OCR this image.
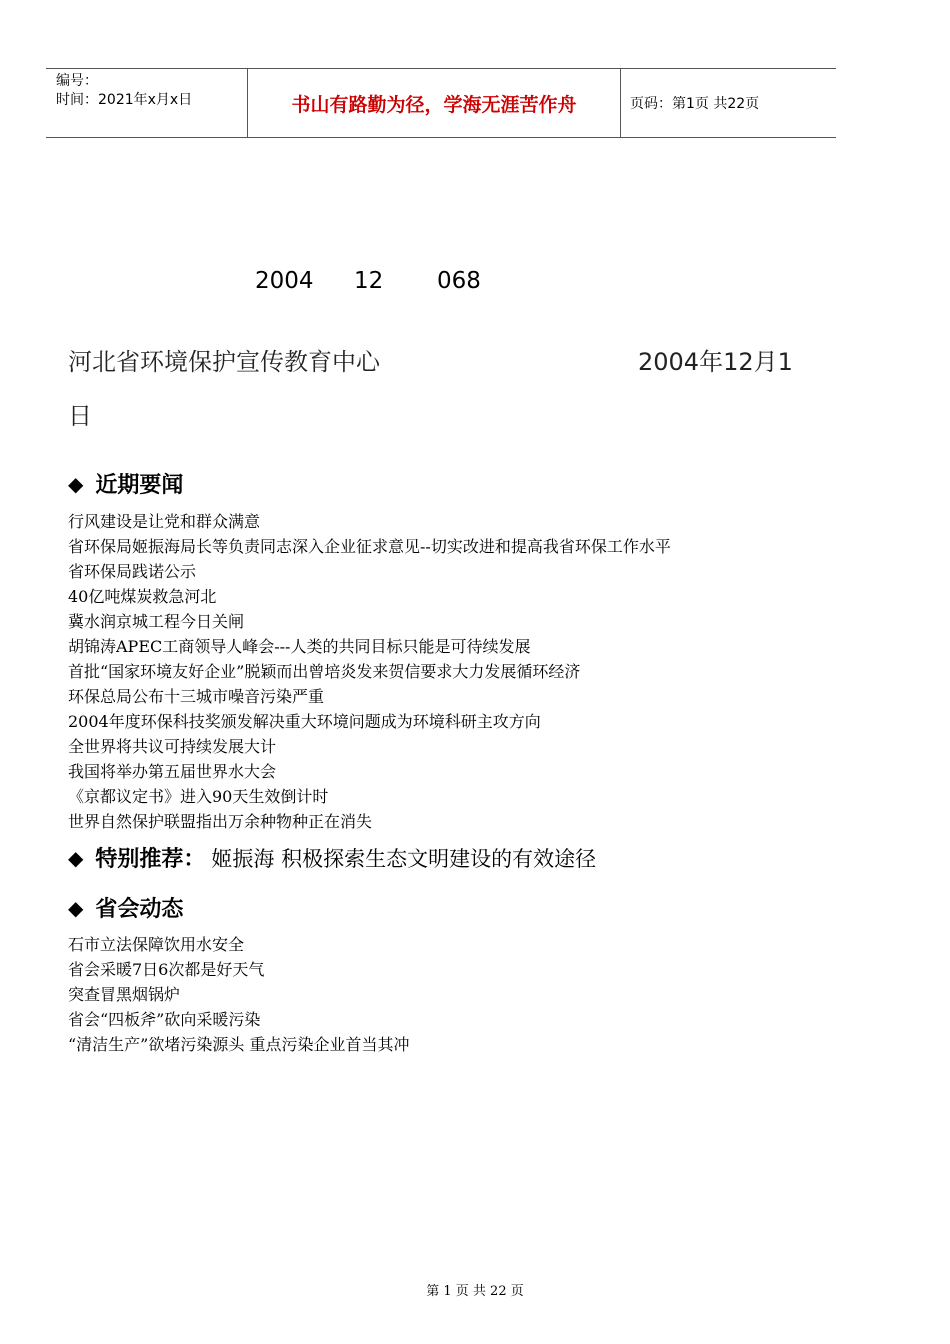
编号：
时间：2021年x月x日	书山有路勤为径，学海无涯苦作舟	页码：第1页 共22页
2004 12 068
河北省环境保护宣传教育中心	2004年12月1
日
◆ 近期要闻
行风建设是让党和群众满意
省环保局姬振海局长等负责同志深入企业征求意见--切实改进和提高我省环保工作水平
省环保局践诺公示
40亿吨煤炭救急河北
冀水润京城工程今日关闸
胡锦涛APEC工商领导人峰会---人类的共同目标只能是可待续发展
首批“国家环境友好企业”脱颖而出曾培炎发来贺信要求大力发展循环经济
环保总局公布十三城市噪音污染严重
2004年度环保科技奖颁发解决重大环境问题成为环境科研主攻方向
全世界将共议可持续发展大计
我国将举办第五届世界水大会
《京都议定书》进入90天生效倒计时
世界自然保护联盟指出万余种物种正在消失
◆ 特别推荐： 姬振海 积极探索生态文明建设的有效途径
◆ 省会动态
石市立法保障饮用水安全
省会采暖7日6次都是好天气
突查冒黑烟锅炉
省会“四板斧”砍向采暖污染
“清洁生产”欲堵污染源头 重点污染企业首当其冲
第 1 页 共 22 页
